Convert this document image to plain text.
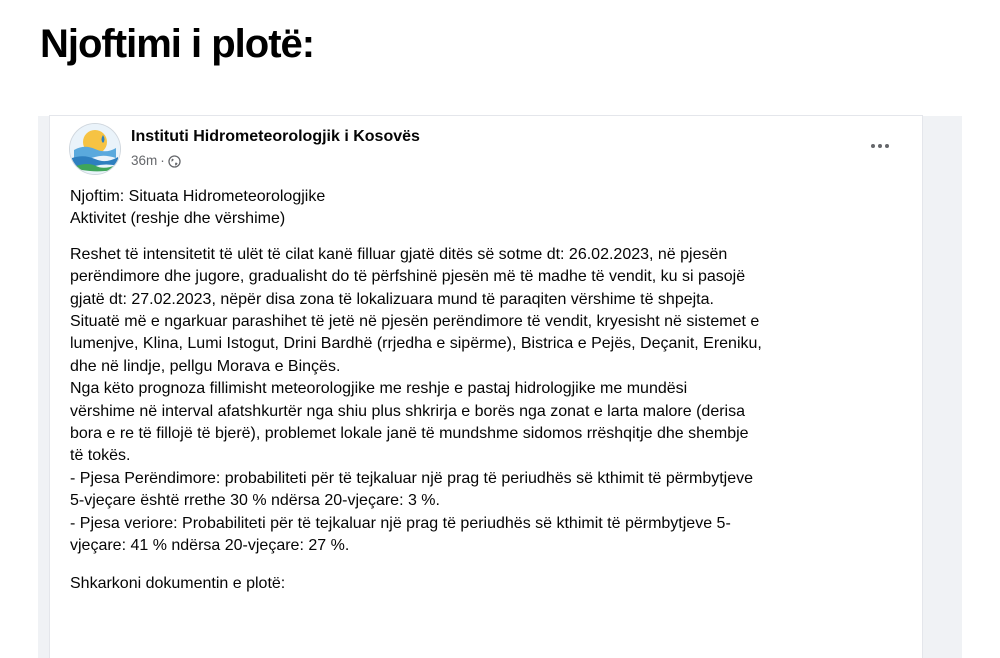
Njoftimi i plotë:
Instituti Hidrometeorologjik i Kosovës
36m ·

Njoftim: Situata Hidrometeorologjike

Aktivitet (reshje dhe vërshime)

Reshet të intensitetit të ulët të cilat kanë filluar gjatë ditës së sotme dt: 26.02.2023, në pjesën

perëndimore dhe jugore, gradualisht do të përfshinë pjesën më të madhe të vendit, ku si pasojë

gjatë dt: 27.02.2023, nëpër disa zona të lokalizuara mund të paraqiten vërshime të shpejta.

Situatë më e ngarkuar parashihet të jetë në pjesën perëndimore të vendit, kryesisht në sistemet e

lumenjve, Klina, Lumi Istogut, Drini Bardhë (rrjedha e sipërme), Bistrica e Pejës, Deçanit, Ereniku,

dhe në lindje, pellgu Morava e Binçës.

Nga këto prognoza fillimisht meteorologjike me reshje e pastaj hidrologjike me mundësi

vërshime në interval afatshkurtër nga shiu plus shkrirja e borës nga zonat e larta malore (derisa

bora e re të fillojë të bjerë), problemet lokale janë të mundshme sidomos rrëshqitje dhe shembje

të tokës.

- Pjesa Perëndimore: probabiliteti për të tejkaluar një prag të periudhës së kthimit të përmbytjeve

5-vjeçare është rrethe 30 % ndërsa 20-vjeçare: 3 %.

- Pjesa veriore: Probabiliteti për të tejkaluar një prag të periudhës së kthimit të përmbytjeve 5-

vjeçare: 41 % ndërsa 20-vjeçare: 27 %.

Shkarkoni dokumentin e plotë:
